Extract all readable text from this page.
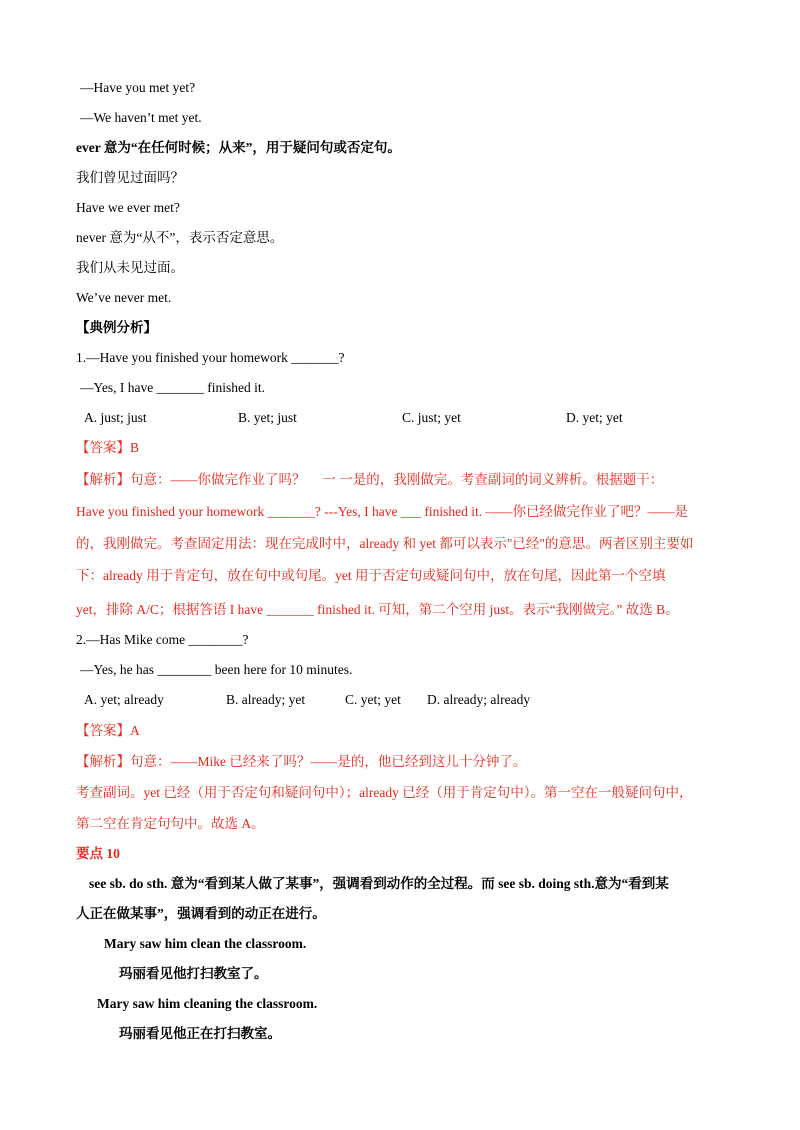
—Have you met yet?
—We haven’t met yet.
ever 意为“在任何时候；从来”，用于疑问句或否定句。
我们曾见过面吗？
Have we ever met?
never 意为“从不”，表示否定意思。
我们从未见过面。
We’ve never met.
【典例分析】
1.—Have you finished your homework _______?
—Yes, I have _______ finished it.
A. just; just	B. yet; just	C. just; yet	D. yet; yet
【答案】B
【解析】句意：——你做完作业了吗？　 一 一是的，我刚做完。考查副词的词义辨析。根据题干：
Have you finished your homework _______? ---Yes, I have ___ finished it. ——你已经做完作业了吧？——是
的，我刚做完。考查固定用法：现在完成时中，already 和 yet 都可以表示"已经"的意思。两者区别主要如
下：already 用于肯定句，放在句中或句尾。yet 用于否定句或疑问句中，放在句尾，因此第一个空填
yet，排除 A/C；根据答语 I have _______ finished it. 可知，第二个空用 just。表示“我刚做完。” 故选 B。
2.—Has Mike come ________?
—Yes, he has ________ been here for 10 minutes.
A. yet; already	B. already; yet	C. yet; yet D. already; already
【答案】A
【解析】句意：——Mike 已经来了吗？——是的，他已经到这儿十分钟了。
考查副词。yet 已经（用于否定句和疑问句中）；already 已经（用于肯定句中）。第一空在一般疑问句中，
第二空在肯定句句中。故选 A。
要点 10
see sb. do sth. 意为“看到某人做了某事”，强调看到动作的全过程。而 see sb. doing sth.意为“看到某
人正在做某事”，强调看到的动正在进行。
Mary saw him clean the classroom.
玛丽看见他打扫教室了。
Mary saw him cleaning the classroom.
玛丽看见他正在打扫教室。
